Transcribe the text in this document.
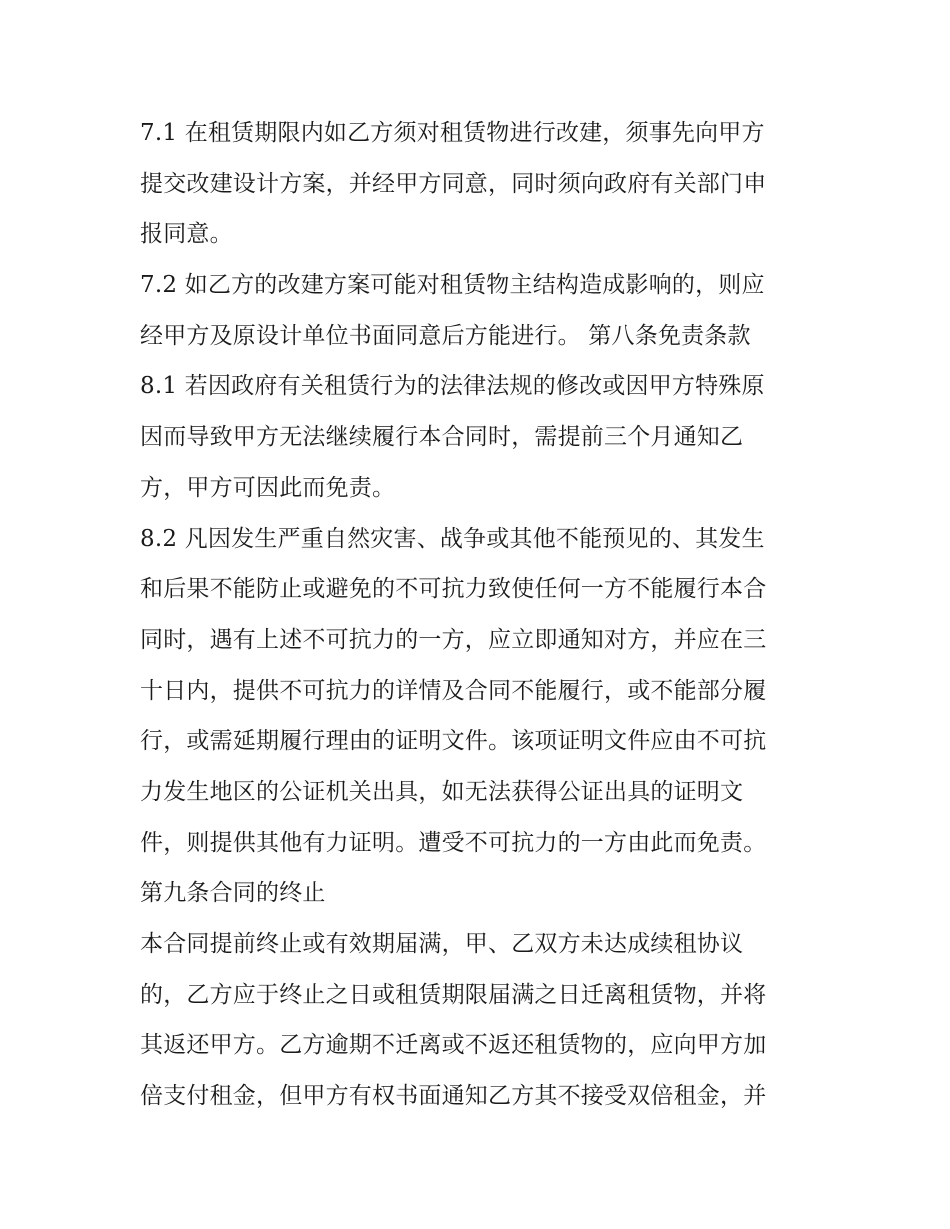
7.1 在租赁期限内如乙方须对租赁物进行改建，须事先向甲方
提交改建设计方案，并经甲方同意，同时须向政府有关部门申
报同意。
7.2 如乙方的改建方案可能对租赁物主结构造成影响的，则应
经甲方及原设计单位书面同意后方能进行。 第八条免责条款
8.1 若因政府有关租赁行为的法律法规的修改或因甲方特殊原
因而导致甲方无法继续履行本合同时，需提前三个月通知乙
方，甲方可因此而免责。
8.2 凡因发生严重自然灾害、战争或其他不能预见的、其发生
和后果不能防止或避免的不可抗力致使任何一方不能履行本合
同时，遇有上述不可抗力的一方，应立即通知对方，并应在三
十日内，提供不可抗力的详情及合同不能履行，或不能部分履
行，或需延期履行理由的证明文件。该项证明文件应由不可抗
力发生地区的公证机关出具，如无法获得公证出具的证明文
件，则提供其他有力证明。遭受不可抗力的一方由此而免责。
第九条合同的终止
本合同提前终止或有效期届满，甲、乙双方未达成续租协议
的，乙方应于终止之日或租赁期限届满之日迁离租赁物，并将
其返还甲方。乙方逾期不迁离或不返还租赁物的，应向甲方加
倍支付租金，但甲方有权书面通知乙方其不接受双倍租金，并
